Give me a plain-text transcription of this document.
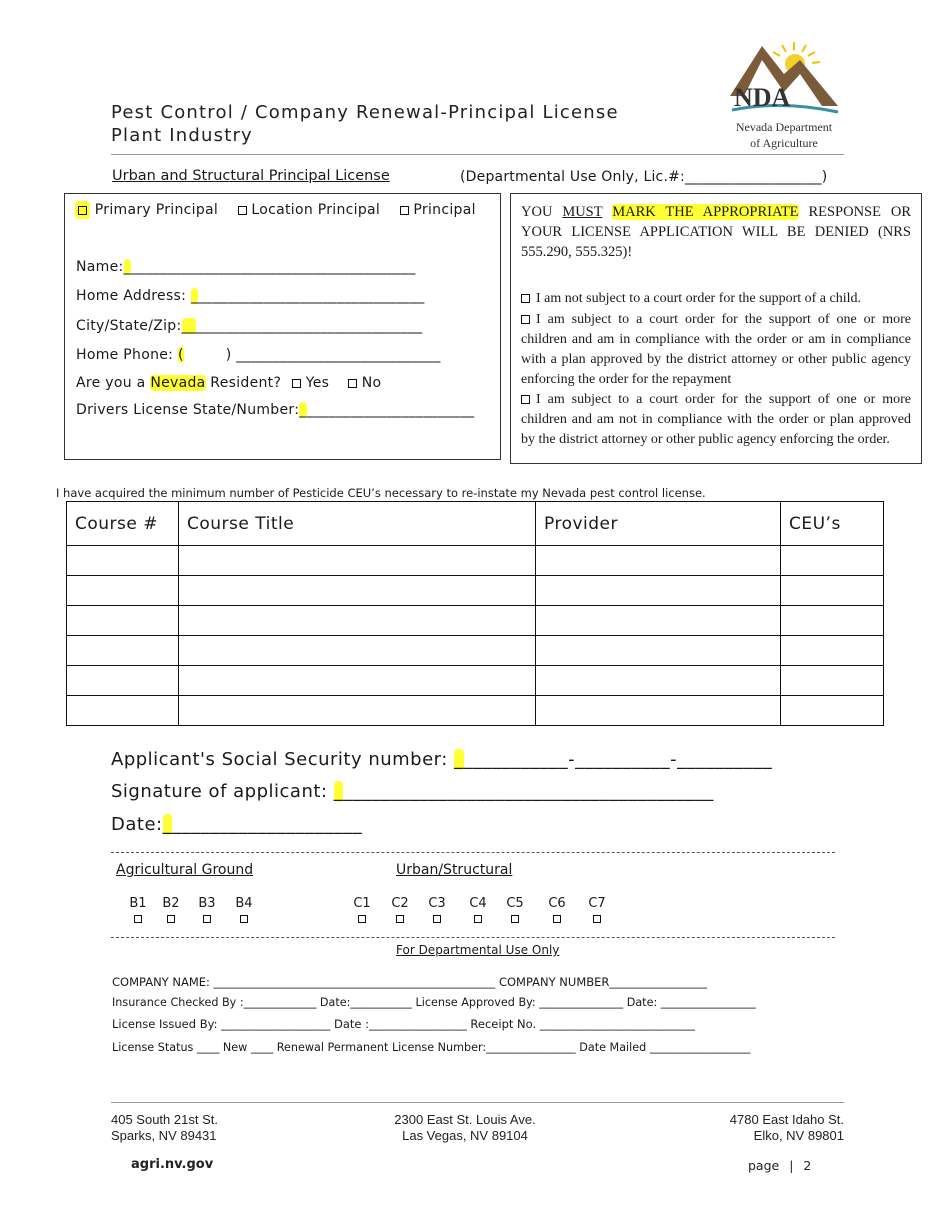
Pest Control / Company Renewal-Principal License
Plant Industry
NDA
Nevada Department
of Agriculture
Urban and Structural Principal License	(Departmental Use Only, Lic.#:___________________)
Primary Principal Location Principal Principal
Name:________________________________________
Home Address: ________________________________
City/State/Zip:_________________________________
Home Phone: (	) ____________________________
Are you a Nevada Resident? Yes No
Drivers License State/Number:________________________
YOU MUST MARK THE APPROPRIATE RESPONSE OR YOUR LICENSE APPLICATION WILL BE DENIED (NRS 555.290, 555.325)!
I am not subject to a court order for the support of a child.
I am subject to a court order for the support of one or more children and am in compliance with the order or am in compliance with a plan approved by the district attorney or other public agency enforcing the order for the repayment
I am subject to a court order for the support of one or more children and am not in compliance with the order or plan approved by the district attorney or other public agency enforcing the order.
I have acquired the minimum number of Pesticide CEU’s necessary to re-instate my Nevada pest control license.
Course #	Course Title	Provider	CEU’s

Applicant's Social Security number: ____________-__________-__________
Signature of applicant: ________________________________________
Date:_____________________
Agricultural Ground	Urban/Structural
B1 B2 B3 B4	C1 C2 C3 C4 C5 C6 C7
For Departmental Use Only
COMPANY NAME: _________________________________________________ COMPANY NUMBER_________________
Insurance Checked By :_____________ Date:___________ License Approved By: _______________ Date: _________________
License Issued By: ___________________ Date :_________________ Receipt No. ___________________________
License Status ____ New ____ Renewal Permanent License Number:________________ Date Mailed __________________
405 South 21st St.
Sparks, NV 89431
2300 East St. Louis Ave.
Las Vegas, NV 89104
4780 East Idaho St.
Elko, NV 89801
agri.nv.gov	page | 2
